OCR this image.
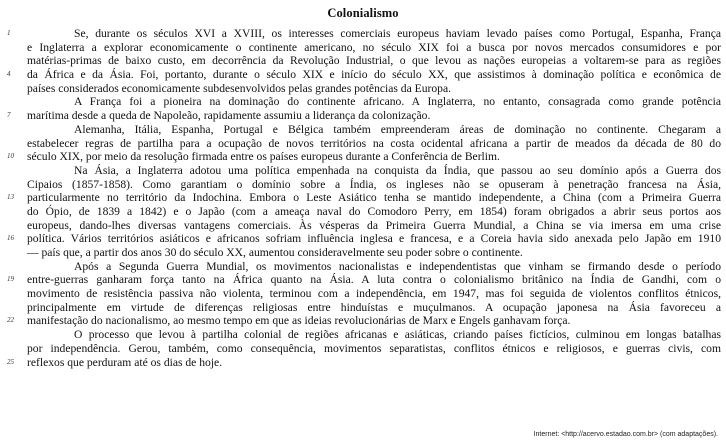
Colonialismo
1	Se, durante os séculos XVI a XVIII, os interesses comerciais europeus haviam levado países como Portugal, Espanha, França
e Inglaterra a explorar economicamente o continente americano, no século XIX foi a busca por novos mercados consumidores e por
matérias-primas de baixo custo, em decorrência da Revolução Industrial, o que levou as nações europeias a voltarem-se para as regiões
4	da África e da Ásia. Foi, portanto, durante o século XIX e início do século XX, que assistimos à dominação política e econômica de
países considerados economicamente subdesenvolvidos pelas grandes potências da Europa.
A França foi a pioneira na dominação do continente africano. A Inglaterra, no entanto, consagrada como grande potência
7	marítima desde a queda de Napoleão, rapidamente assumiu a liderança da colonização.
Alemanha, Itália, Espanha, Portugal e Bélgica também empreenderam áreas de dominação no continente. Chegaram a
estabelecer regras de partilha para a ocupação de novos territórios na costa ocidental africana a partir de meados da década de 80 do
10	século XIX, por meio da resolução firmada entre os países europeus durante a Conferência de Berlim.
Na Ásia, a Inglaterra adotou uma política empenhada na conquista da Índia, que passou ao seu domínio após a Guerra dos
Cipaios (1857-1858). Como garantiam o domínio sobre a Índia, os ingleses não se opuseram à penetração francesa na Ásia,
13	particularmente no território da Indochina. Embora o Leste Asiático tenha se mantido independente, a China (com a Primeira Guerra
do Ópio, de 1839 a 1842) e o Japão (com a ameaça naval do Comodoro Perry, em 1854) foram obrigados a abrir seus portos aos
europeus, dando-lhes diversas vantagens comerciais. Às vésperas da Primeira Guerra Mundial, a China se via imersa em uma crise
16	política. Vários territórios asiáticos e africanos sofriam influência inglesa e francesa, e a Coreia havia sido anexada pelo Japão em 1910
— país que, a partir dos anos 30 do século XX, aumentou consideravelmente seu poder sobre o continente.
Após a Segunda Guerra Mundial, os movimentos nacionalistas e independentistas que vinham se firmando desde o período
19	entre-guerras ganharam força tanto na África quanto na Ásia. A luta contra o colonialismo britânico na Índia de Gandhi, com o
movimento de resistência passiva não violenta, terminou com a independência, em 1947, mas foi seguida de violentos conflitos étnicos,
principalmente em virtude de diferenças religiosas entre hinduístas e muçulmanos. A ocupação japonesa na Ásia favoreceu a
22	manifestação do nacionalismo, ao mesmo tempo em que as ideias revolucionárias de Marx e Engels ganhavam força.
O processo que levou à partilha colonial de regiões africanas e asiáticas, criando países fictícios, culminou em longas batalhas
por independência. Gerou, também, como consequência, movimentos separatistas, conflitos étnicos e religiosos, e guerras civis, com
25	reflexos que perduram até os dias de hoje.
Internet: <http://acervo.estadao.com.br> (com adaptações).
